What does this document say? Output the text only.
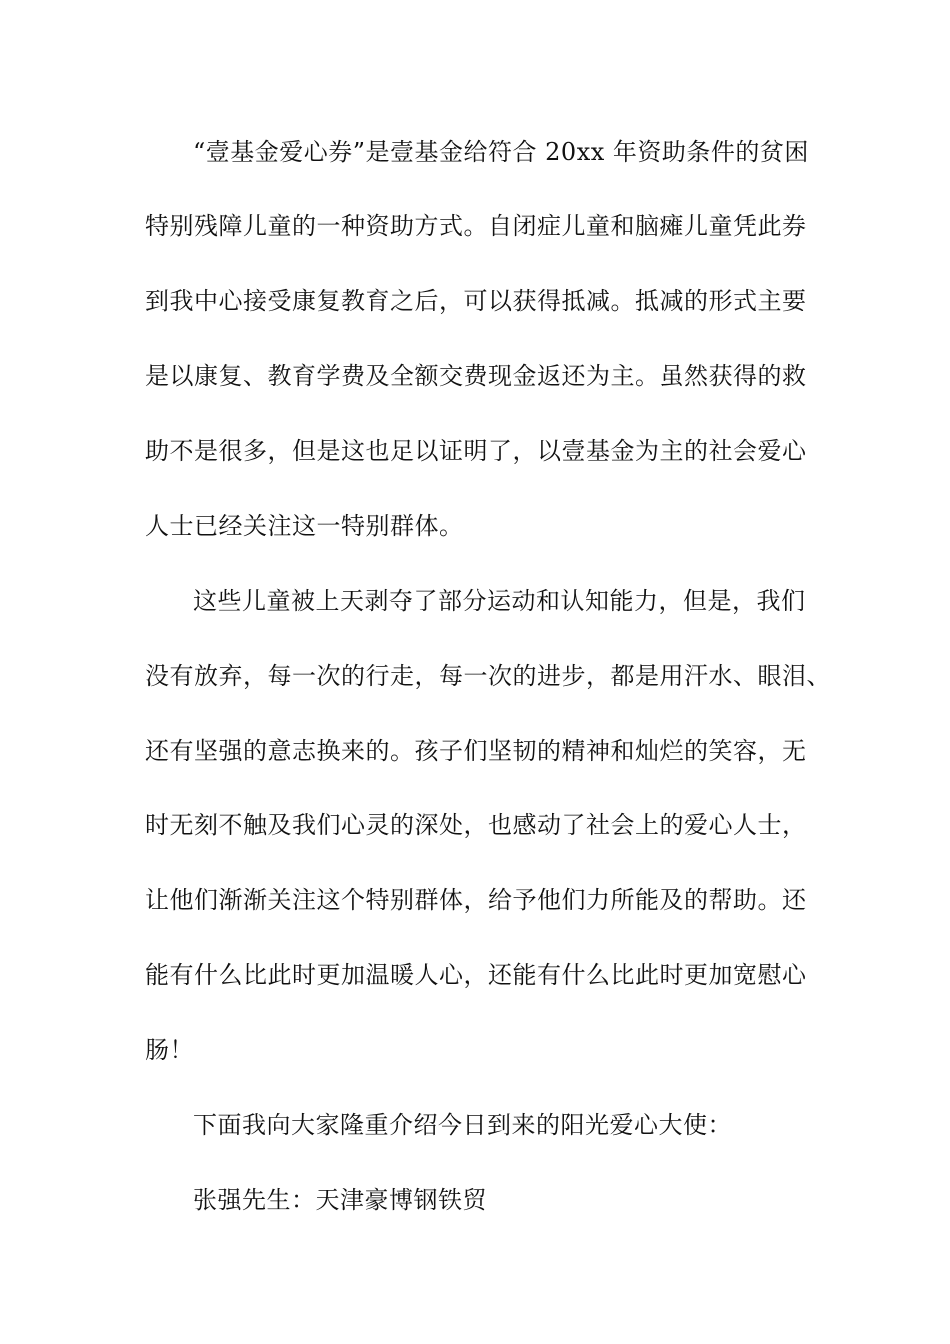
“壹基金爱心券”是壹基金给符合 20xx 年资助条件的贫困
特别残障儿童的一种资助方式。自闭症儿童和脑瘫儿童凭此券
到我中心接受康复教育之后，可以获得抵减。抵减的形式主要
是以康复、教育学费及全额交费现金返还为主。虽然获得的救
助不是很多，但是这也足以证明了，以壹基金为主的社会爱心
人士已经关注这一特别群体。
这些儿童被上天剥夺了部分运动和认知能力，但是，我们
没有放弃，每一次的行走，每一次的进步，都是用汗水、眼泪、
还有坚强的意志换来的。孩子们坚韧的精神和灿烂的笑容，无
时无刻不触及我们心灵的深处，也感动了社会上的爱心人士，
让他们渐渐关注这个特别群体，给予他们力所能及的帮助。还
能有什么比此时更加温暖人心，还能有什么比此时更加宽慰心
肠！
下面我向大家隆重介绍今日到来的阳光爱心大使：
张强先生：天津豪博钢铁贸
